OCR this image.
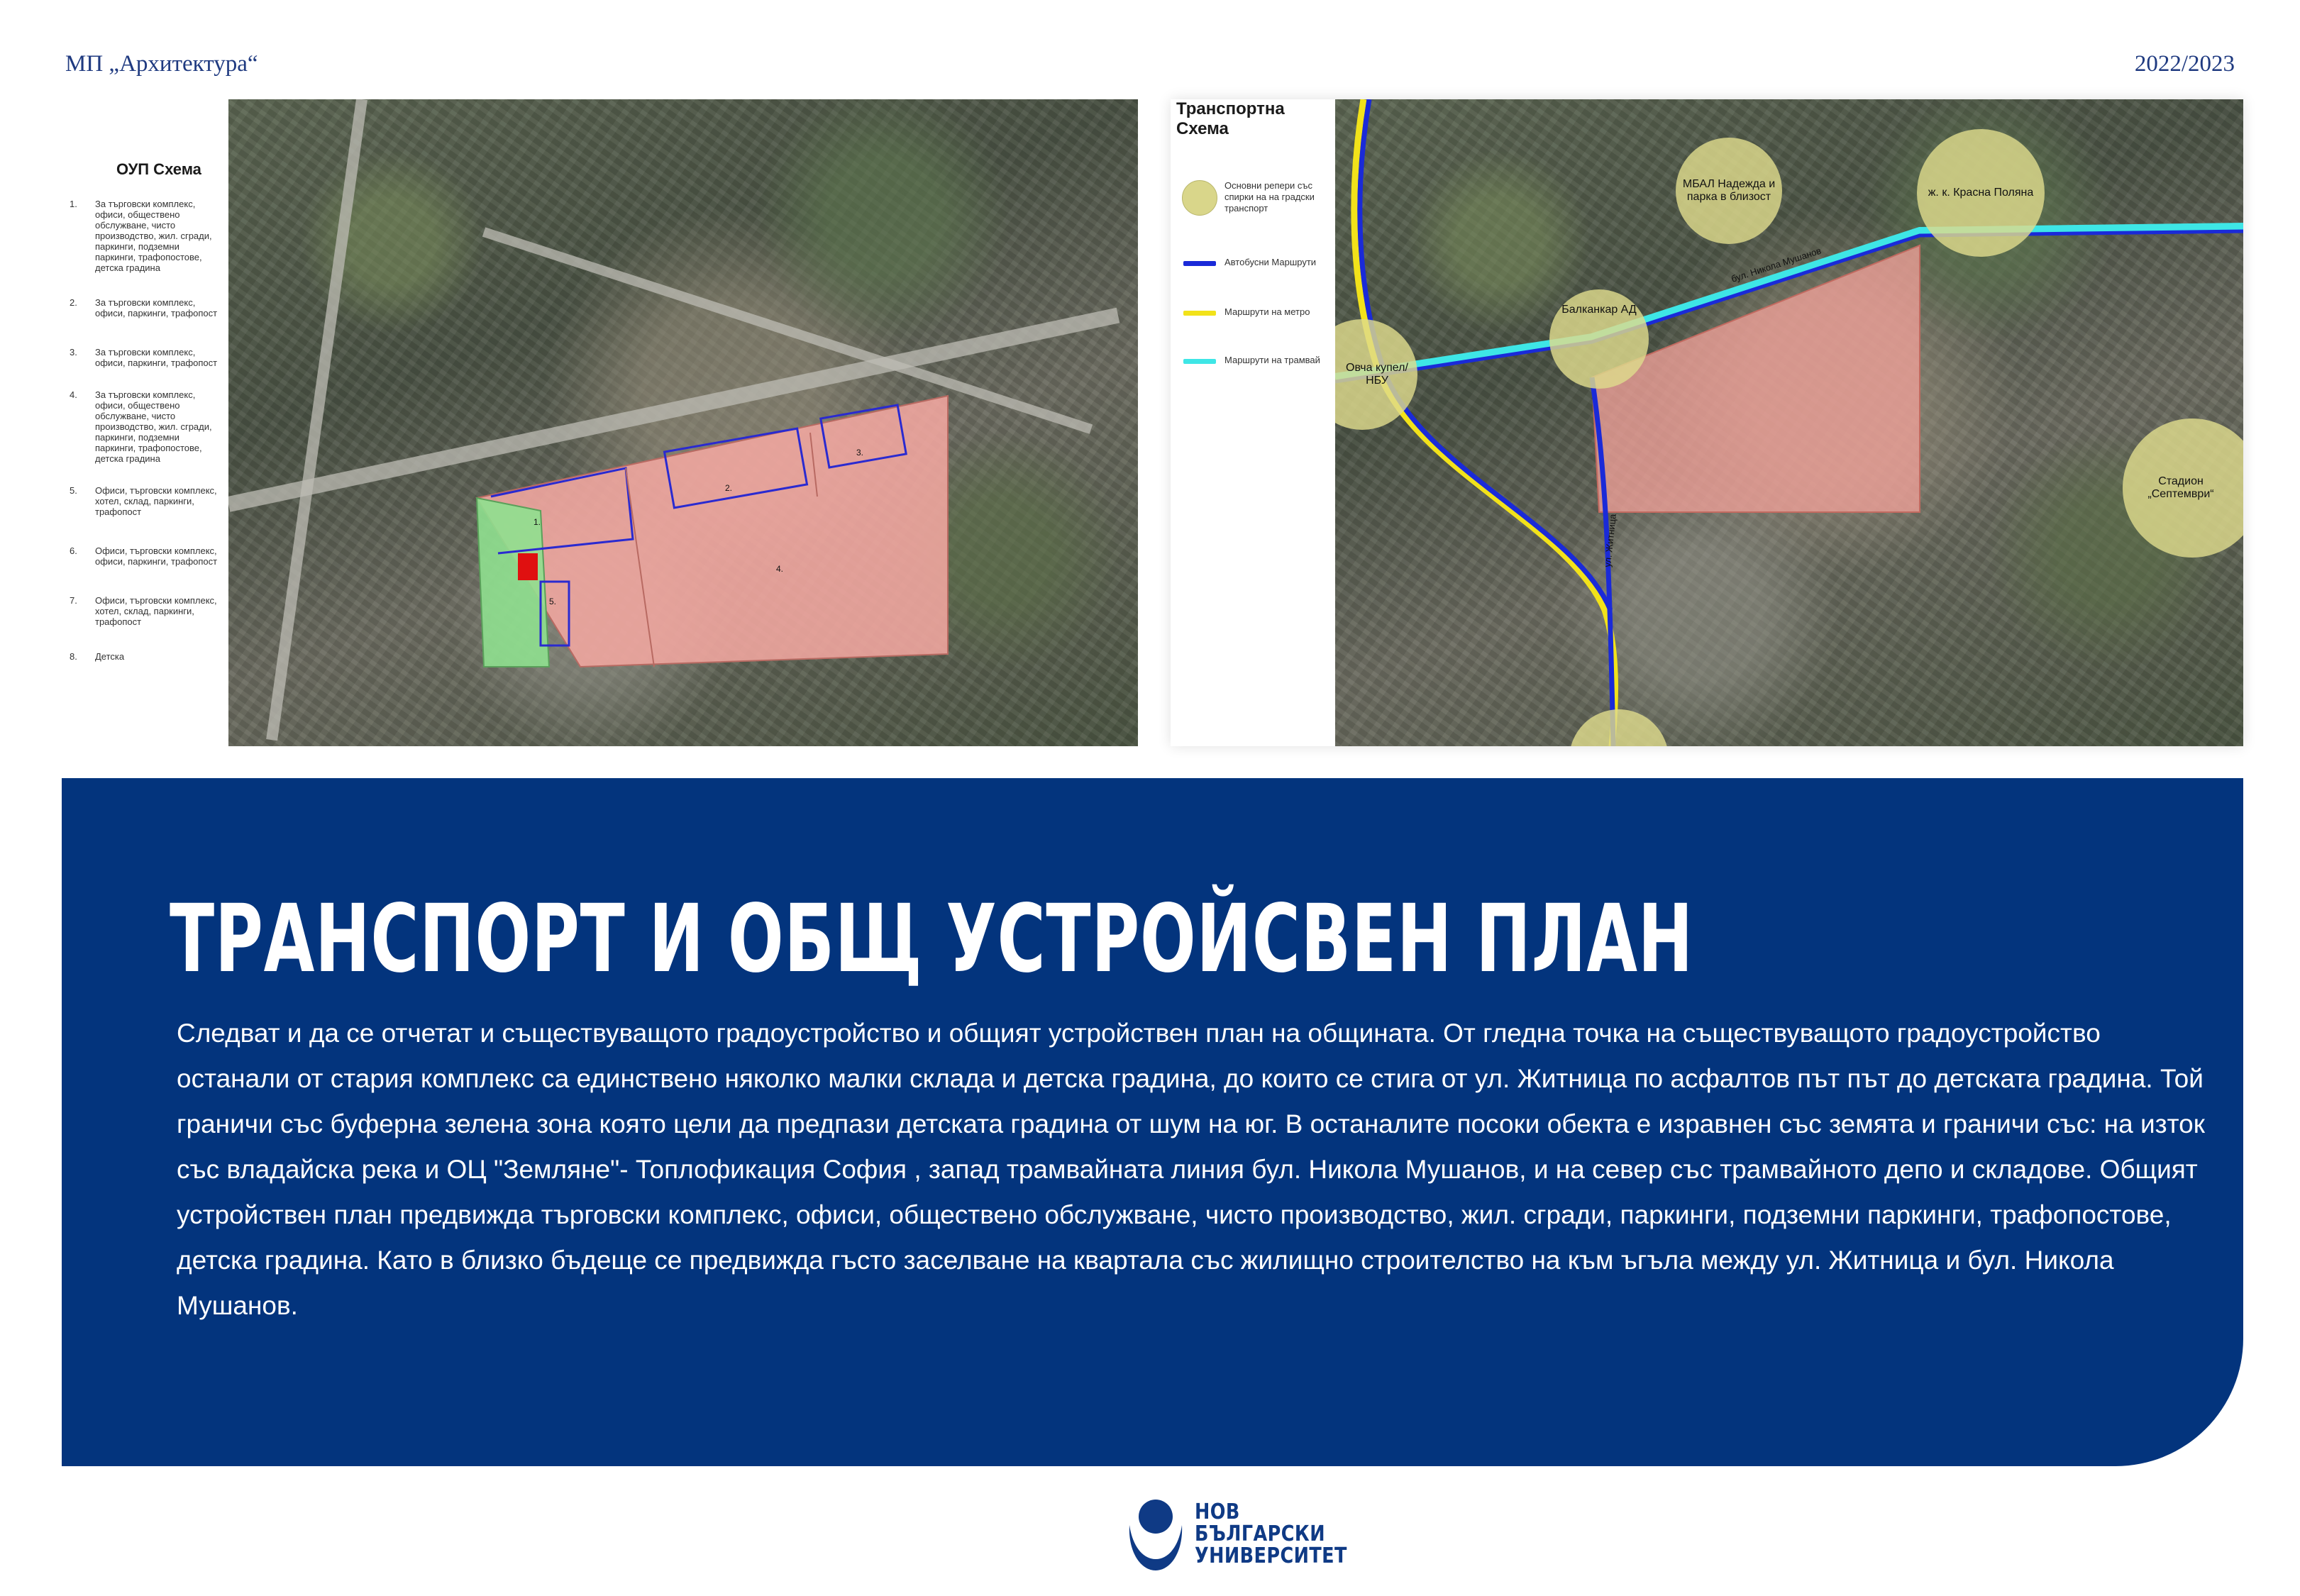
МП „Архитектура“	2022/2023
ОУП Схема
1.	За търговски комплекс, офиси, обществено обслужване, чисто производство, жил. сгради, паркинги, подземни паркинги, трафопостове, детска градина
2.	За търговски комплекс, офиси, паркинги, трафопост
3.	За търговски комплекс, офиси, паркинги, трафопост
4.	За търговски комплекс, офиси, обществено обслужване, чисто производство, жил. сгради, паркинги, подземни паркинги, трафопостове, детска градина
5.	Офиси, търговски комплекс, хотел, склад, паркинги, трафопост
6.	Офиси, търговски комплекс, офиси, паркинги, трафопост
7.	Офиси, търговски комплекс, хотел, склад, паркинги, трафопост
8.	Детска
1.
2.
3.
4.
5.
Транспортна
Схема
Основни репери със спирки на на градски транспорт
Автобусни Маршрути
Маршрути на метро
Маршрути на трамвай
бул. Никола Мушанов
ул. Житница
МБАЛ Надежда и парка в близост	ж. к. Красна Поляна
Балканкар АД
Овча купел/ НБУ
Стадион „Септември“
ТРАНСПОРТ И ОБЩ УСТРОЙСВЕН ПЛАН
Следват и да се отчетат и съществуващото градоустройство и общият устройствен план на общината. От гледна точка на съществуващото градоустройство останали от стария комплекс са единствено няколко малки склада и детска градина, до които се стига от ул. Житница по асфалтов път път до детската градина. Той граничи със буферна зелена зона която цели да предпази детската градина от шум на юг. В останалите посоки обекта е изравнен със земята и граничи със: на изток със владайска река и ОЦ "Земляне"- Топлофикация София , запад трамвайната линия бул. Никола Мушанов, и на север със трамвайното депо и складове. Общият устройствен план предвижда търговски комплекс, офиси, обществено обслужване, чисто производство, жил. сгради, паркинги, подземни паркинги, трафопостове, детска градина. Като в близко бъдеще се предвижда гъсто заселване на квартала със жилищно строителство на към ъгъла между ул. Житница и бул. Никола Мушанов.
НОВ
БЪЛГАРСКИ
УНИВЕРСИТЕТ
